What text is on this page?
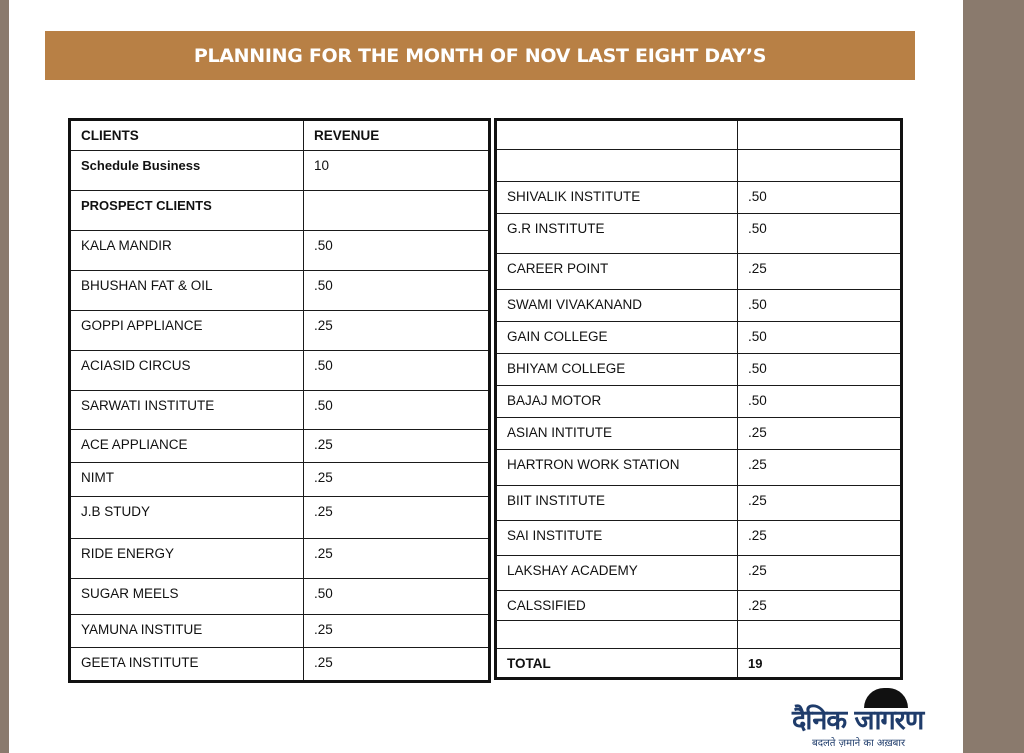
PLANNING FOR THE MONTH OF NOV LAST EIGHT DAY’S
CLIENTS	REVENUE
Schedule Business	10
PROSPECT CLIENTS	
KALA MANDIR	.50
BHUSHAN FAT & OIL	.50
GOPPI APPLIANCE	.25
ACIASID CIRCUS	.50
SARWATI INSTITUTE	.50
ACE APPLIANCE	.25
NIMT	.25
J.B STUDY	.25
RIDE ENERGY	.25
SUGAR MEELS	.50
YAMUNA INSTITUE	.25
GEETA INSTITUTE	.25

SHIVALIK INSTITUTE	.50
G.R INSTITUTE	.50
CAREER POINT	.25
SWAMI VIVAKANAND	.50
GAIN COLLEGE	.50
BHIYAM COLLEGE	.50
BAJAJ MOTOR	.50
ASIAN INTITUTE	.25
HARTRON WORK STATION	.25
BIIT INSTITUTE	.25
SAI INSTITUTE	.25
LAKSHAY ACADEMY	.25
CALSSIFIED	.25

TOTAL	19
दैनिक जागरण
बदलते ज़माने का अख़बार
